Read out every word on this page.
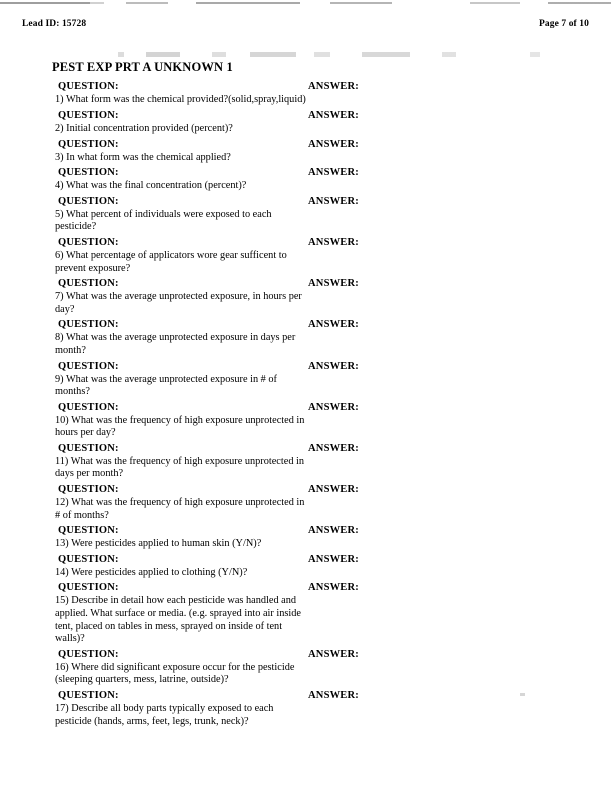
Lead ID: 15728	Page 7 of 10
PEST EXP PRT A UNKNOWN 1
QUESTION:	ANSWER:

1) What form was the chemical provided?(solid,spray,liquid)

QUESTION:	ANSWER:

2) Initial concentration provided (percent)?

QUESTION:	ANSWER:

3) In what form was the chemical applied?

QUESTION:	ANSWER:

4) What was the final concentration (percent)?

QUESTION:	ANSWER:

5) What percent of individuals were exposed to each pesticide?

QUESTION:	ANSWER:

6) What percentage of applicators wore gear sufficent to prevent exposure?

QUESTION:	ANSWER:

7) What was the average unprotected exposure, in hours per day?

QUESTION:	ANSWER:

8) What was the average unprotected exposure in days per month?

QUESTION:	ANSWER:

9) What was the average unprotected exposure in # of months?

QUESTION:	ANSWER:

10) What was the frequency of high exposure unprotected in hours per day?

QUESTION:	ANSWER:

11) What was the frequency of high exposure unprotected in days per month?

QUESTION:	ANSWER:

12) What was the frequency of high exposure unprotected in # of months?

QUESTION:	ANSWER:

13) Were pesticides applied to human skin (Y/N)?

QUESTION:	ANSWER:

14) Were pesticides applied to clothing (Y/N)?

QUESTION:	ANSWER:

15) Describe in detail how each pesticide was handled and applied. What surface or media. (e.g. sprayed into air inside tent, placed on tables in mess, sprayed on inside of tent walls)?

QUESTION:	ANSWER:

16) Where did significant exposure occur for the pesticide (sleeping quarters, mess, latrine, outside)?

QUESTION:	ANSWER:

17) Describe all body parts typically exposed to each pesticide (hands, arms, feet, legs, trunk, neck)?
